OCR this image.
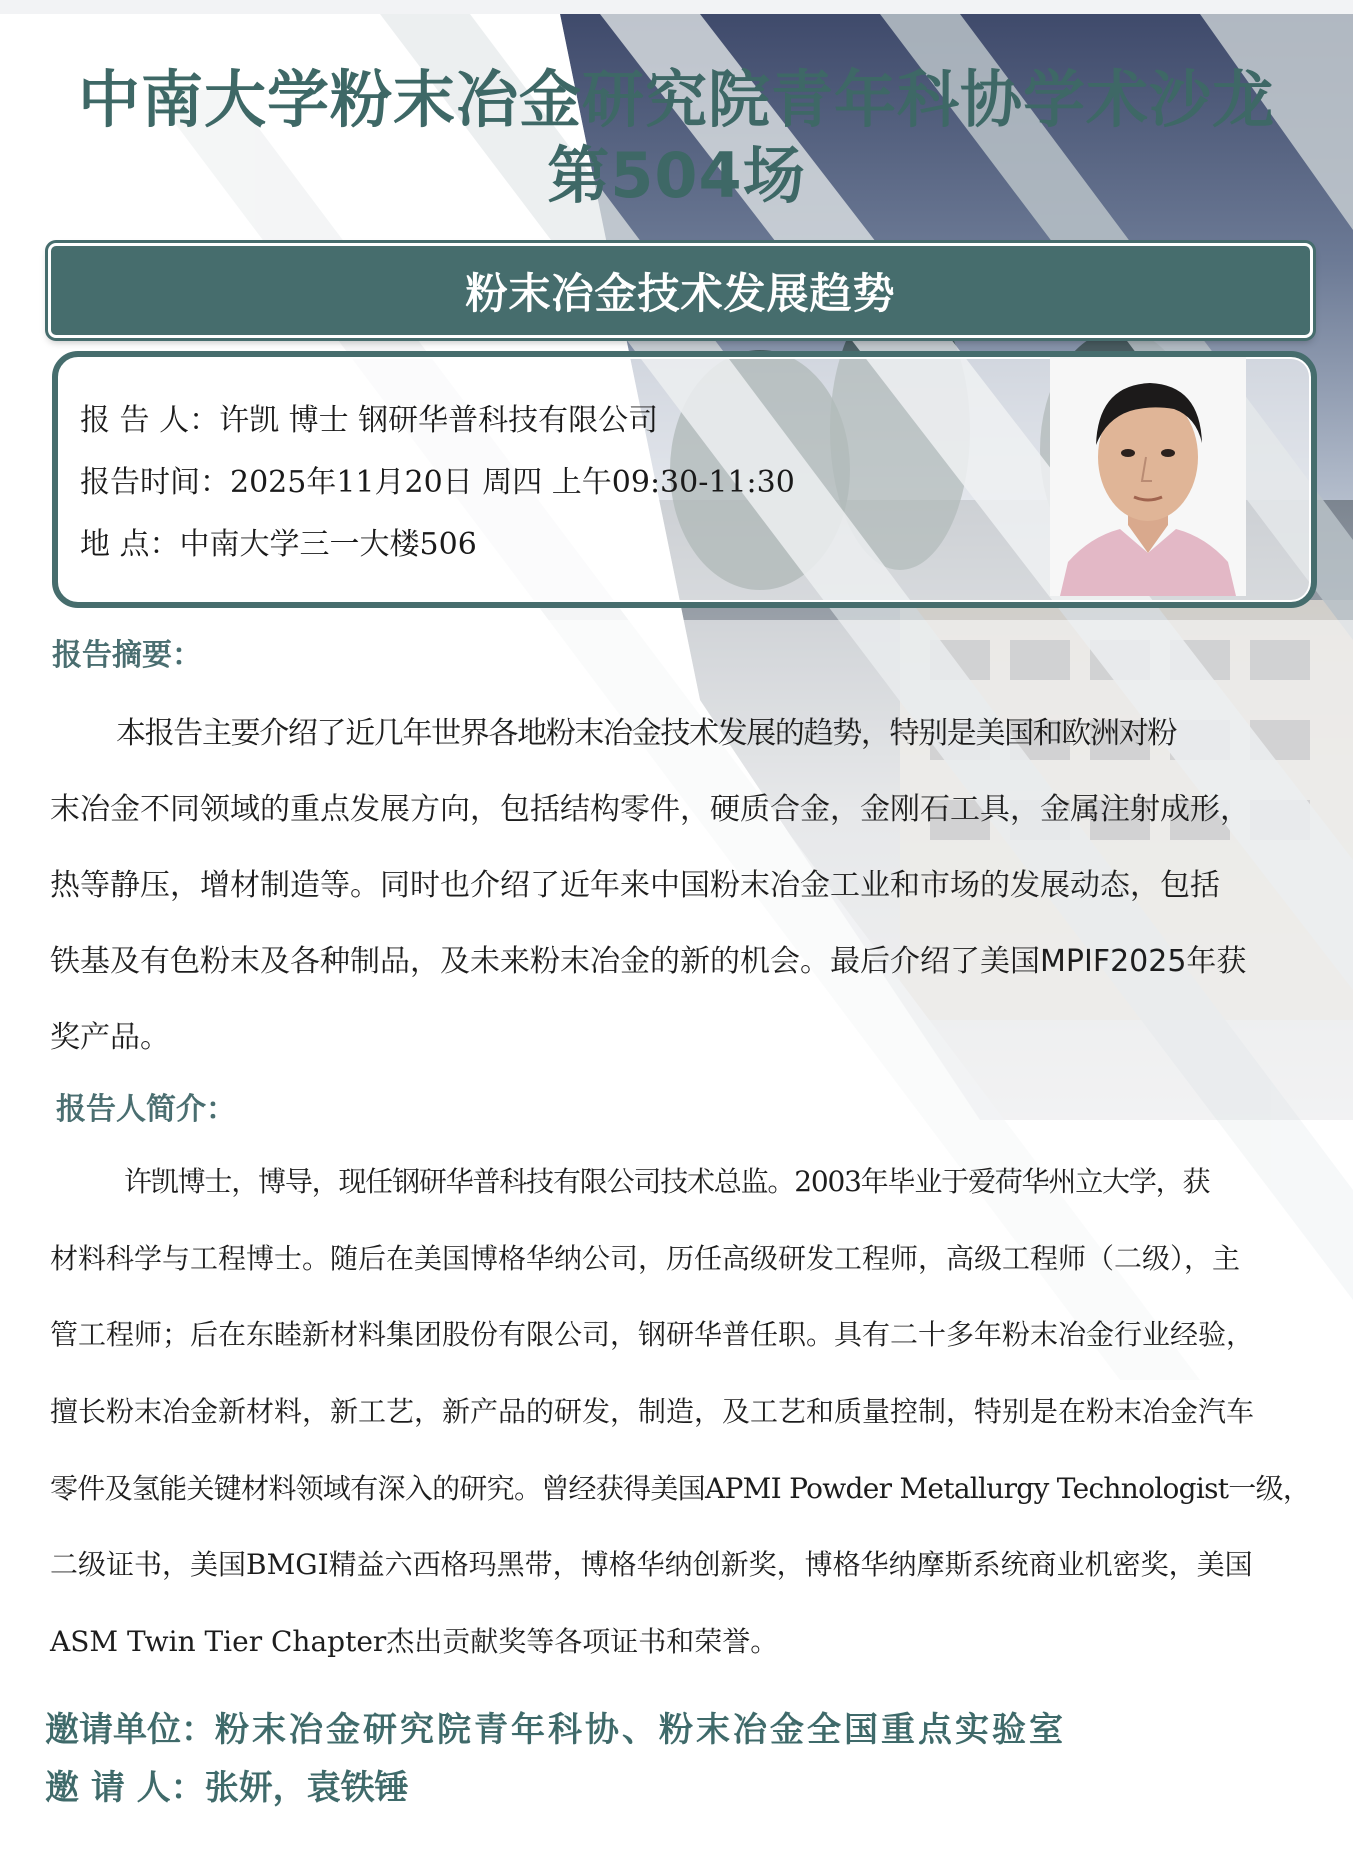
中南大学粉末冶金研究院青年科协学术沙龙
第504场
粉末冶金技术发展趋势
报 告 人：许凯 博士 钢研华普科技有限公司
报告时间：2025年11月20日 周四 上午09:30-11:30
地 点：中南大学三一大楼506
报告摘要：
本报告主要介绍了近几年世界各地粉末冶金技术发展的趋势，特别是美国和欧洲对粉
末冶金不同领域的重点发展方向，包括结构零件，硬质合金，金刚石工具，金属注射成形，
热等静压，增材制造等。同时也介绍了近年来中国粉末冶金工业和市场的发展动态，包括
铁基及有色粉末及各种制品，及未来粉末冶金的新的机会。最后介绍了美国MPIF2025年获
奖产品。
报告人简介：
许凯博士，博导，现任钢研华普科技有限公司技术总监。2003年毕业于爱荷华州立大学，获
材料科学与工程博士。随后在美国博格华纳公司，历任高级研发工程师，高级工程师（二级），主
管工程师；后在东睦新材料集团股份有限公司，钢研华普任职。具有二十多年粉末冶金行业经验，
擅长粉末冶金新材料，新工艺，新产品的研发，制造，及工艺和质量控制，特别是在粉末冶金汽车
零件及氢能关键材料领域有深入的研究。曾经获得美国APMI Powder Metallurgy Technologist一级，
二级证书，美国BMGI精益六西格玛黑带，博格华纳创新奖，博格华纳摩斯系统商业机密奖，美国
ASM Twin Tier Chapter杰出贡献奖等各项证书和荣誉。
邀请单位：粉末冶金研究院青年科协、粉末冶金全国重点实验室
邀 请 人：张妍，袁铁锤
